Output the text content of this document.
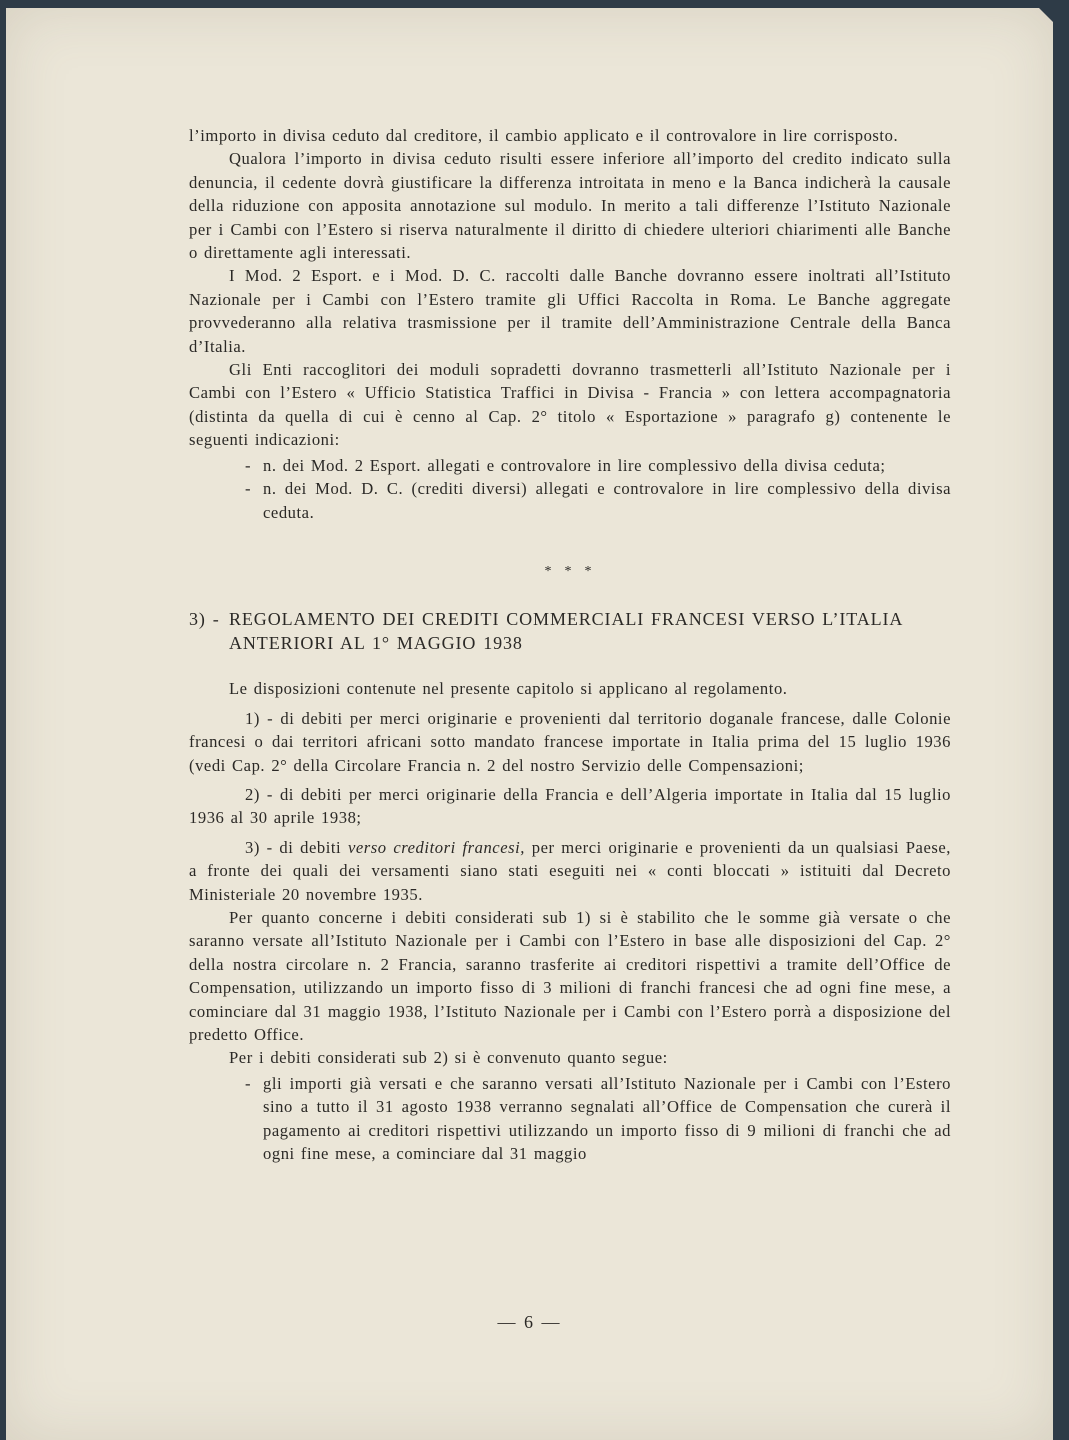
l’importo in divisa ceduto dal creditore, il cambio applicato e il controvalore in lire corrisposto.

Qualora l’importo in divisa ceduto risulti essere inferiore all’importo del credito indicato sulla denuncia, il cedente dovrà giustificare la differenza introitata in meno e la Banca indicherà la causale della riduzione con apposita annotazione sul modulo. In merito a tali differenze l’Istituto Nazionale per i Cambi con l’Estero si riserva naturalmente il diritto di chiedere ulteriori chiarimenti alle Banche o direttamente agli interessati.

I Mod. 2 Esport. e i Mod. D. C. raccolti dalle Banche dovranno essere inoltrati all’Istituto Nazionale per i Cambi con l’Estero tramite gli Uffici Raccolta in Roma. Le Banche aggregate provvederanno alla relativa trasmissione per il tramite dell’Amministrazione Centrale della Banca d’Italia.

Gli Enti raccoglitori dei moduli sopradetti dovranno trasmetterli all’Istituto Nazionale per i Cambi con l’Estero « Ufficio Statistica Traffici in Divisa - Francia » con lettera accompagnatoria (distinta da quella di cui è cenno al Cap. 2° titolo « Esportazione » paragrafo g) contenente le seguenti indicazioni:

- n. dei Mod. 2 Esport. allegati e controvalore in lire complessivo della divisa ceduta;
- n. dei Mod. D. C. (crediti diversi) allegati e controvalore in lire complessivo della divisa ceduta.
* * *
3) - REGOLAMENTO DEI CREDITI COMMERCIALI FRANCESI VERSO L’ITALIA
ANTERIORI AL 1° MAGGIO 1938

Le disposizioni contenute nel presente capitolo si applicano al regolamento.

1) - di debiti per merci originarie e provenienti dal territorio doganale francese, dalle Colonie francesi o dai territori africani sotto mandato francese importate in Italia prima del 15 luglio 1936 (vedi Cap. 2° della Circolare Francia n. 2 del nostro Servizio delle Compensazioni;

2) - di debiti per merci originarie della Francia e dell’Algeria importate in Italia dal 15 luglio 1936 al 30 aprile 1938;

3) - di debiti verso creditori francesi, per merci originarie e provenienti da un qualsiasi Paese, a fronte dei quali dei versamenti siano stati eseguiti nei « conti bloccati » istituiti dal Decreto Ministeriale 20 novembre 1935.

Per quanto concerne i debiti considerati sub 1) si è stabilito che le somme già versate o che saranno versate all’Istituto Nazionale per i Cambi con l’Estero in base alle disposizioni del Cap. 2° della nostra circolare n. 2 Francia, saranno trasferite ai creditori rispettivi a tramite dell’Office de Compensation, utilizzando un importo fisso di 3 milioni di franchi francesi che ad ogni fine mese, a cominciare dal 31 maggio 1938, l’Istituto Nazionale per i Cambi con l’Estero porrà a disposizione del predetto Office.

Per i debiti considerati sub 2) si è convenuto quanto segue:

- gli importi già versati e che saranno versati all’Istituto Nazionale per i Cambi con l’Estero sino a tutto il 31 agosto 1938 verranno segnalati all’Office de Compensation che curerà il pagamento ai creditori rispettivi utilizzando un importo fisso di 9 milioni di franchi che ad ogni fine mese, a cominciare dal 31 maggio
— 6 —
